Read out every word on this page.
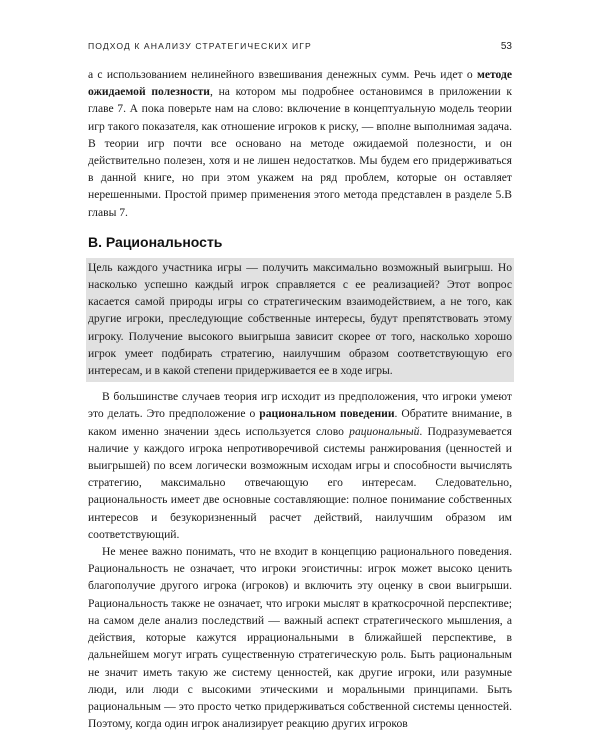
ПОДХОД К АНАЛИЗУ СТРАТЕГИЧЕСКИХ ИГР	53

а с использованием нелинейного взвешивания денежных сумм. Речь идет о методе ожидаемой полезности, на котором мы подробнее остановимся в приложении к главе 7. А пока поверьте нам на слово: включение в концептуальную модель теории игр такого показателя, как отношение игроков к риску, — вполне выполнимая задача. В теории игр почти все основано на методе ожидаемой полезности, и он действительно полезен, хотя и не лишен недостатков. Мы будем его придерживаться в данной книге, но при этом укажем на ряд проблем, которые он оставляет нерешенными. Простой пример применения этого метода представлен в разделе 5.В главы 7.

В. Рациональность

Цель каждого участника игры — получить максимально возможный выигрыш. Но насколько успешно каждый игрок справляется с ее реализацией? Этот вопрос касается самой природы игры со стратегическим взаимодействием, а не того, как другие игроки, преследующие собственные интересы, будут препятствовать этому игроку. Получение высокого выигрыша зависит скорее от того, насколько хорошо игрок умеет подбирать стратегию, наилучшим образом соответствующую его интересам, и в какой степени придерживается ее в ходе игры.

В большинстве случаев теория игр исходит из предположения, что игроки умеют это делать. Это предположение о рациональном поведении. Обратите внимание, в каком именно значении здесь используется слово рациональный. Подразумевается наличие у каждого игрока непротиворечивой системы ранжирования (ценностей и выигрышей) по всем логически возможным исходам игры и способности вычислять стратегию, максимально отвечающую его интересам. Следовательно, рациональность имеет две основные составляющие: полное понимание собственных интересов и безукоризненный расчет действий, наилучшим образом им соответствующий.

Не менее важно понимать, что не входит в концепцию рационального поведения. Рациональность не означает, что игроки эгоистичны: игрок может высоко ценить благополучие другого игрока (игроков) и включить эту оценку в свои выигрыши. Рациональность также не означает, что игроки мыслят в краткосрочной перспективе; на самом деле анализ последствий — важный аспект стратегического мышления, а действия, которые кажутся иррациональными в ближайшей перспективе, в дальнейшем могут играть существенную стратегическую роль. Быть рациональным не значит иметь такую же систему ценностей, как другие игроки, или разумные люди, или люди с высокими этическими и моральными принципами. Быть рациональным — это просто четко придерживаться собственной системы ценностей. Поэтому, когда один игрок анализирует реакцию других игроков
